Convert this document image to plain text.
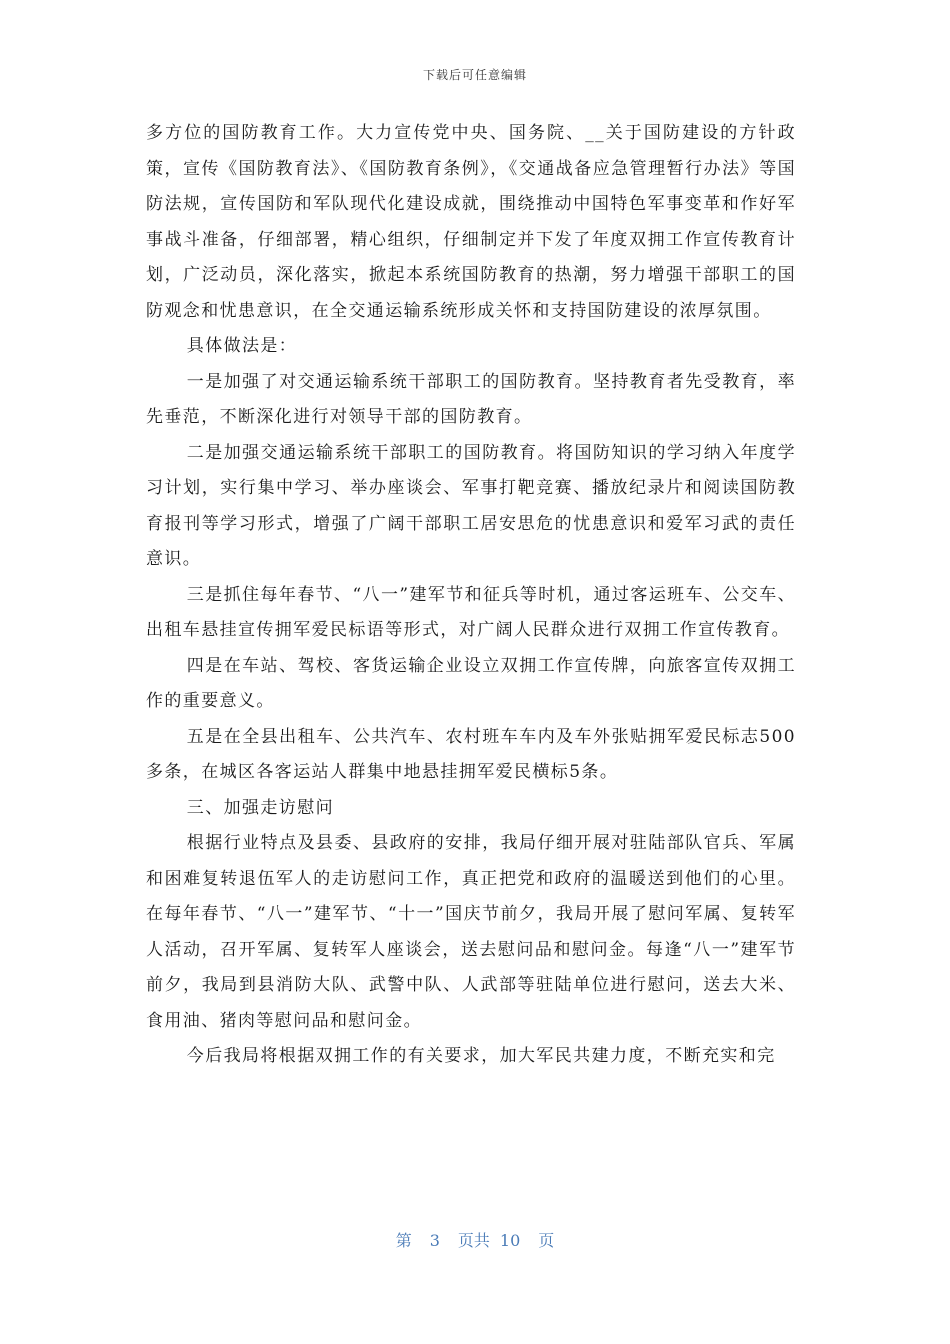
下载后可任意编辑

多方位的国防教育工作。大力宣传党中央、国务院、__关于国防建设的方针政策，宣传《国防教育法》、《国防教育条例》，《交通战备应急管理暂行办法》等国防法规，宣传国防和军队现代化建设成就，围绕推动中国特色军事变革和作好军事战斗准备，仔细部署，精心组织，仔细制定并下发了年度双拥工作宣传教育计划，广泛动员，深化落实，掀起本系统国防教育的热潮，努力增强干部职工的国防观念和忧患意识，在全交通运输系统形成关怀和支持国防建设的浓厚氛围。

具体做法是：

一是加强了对交通运输系统干部职工的国防教育。坚持教育者先受教育，率先垂范，不断深化进行对领导干部的国防教育。

二是加强交通运输系统干部职工的国防教育。将国防知识的学习纳入年度学习计划，实行集中学习、举办座谈会、军事打靶竞赛、播放纪录片和阅读国防教育报刊等学习形式，增强了广阔干部职工居安思危的忧患意识和爱军习武的责任意识。

三是抓住每年春节、“八一”建军节和征兵等时机，通过客运班车、公交车、出租车悬挂宣传拥军爱民标语等形式，对广阔人民群众进行双拥工作宣传教育。

四是在车站、驾校、客货运输企业设立双拥工作宣传牌，向旅客宣传双拥工作的重要意义。

五是在全县出租车、公共汽车、农村班车车内及车外张贴拥军爱民标志500多条，在城区各客运站人群集中地悬挂拥军爱民横标5条。

三、加强走访慰问

根据行业特点及县委、县政府的安排，我局仔细开展对驻陆部队官兵、军属和困难复转退伍军人的走访慰问工作，真正把党和政府的温暖送到他们的心里。在每年春节、“八一”建军节、“十一”国庆节前夕，我局开展了慰问军属、复转军人活动，召开军属、复转军人座谈会，送去慰问品和慰问金。每逢“八一”建军节前夕，我局到县消防大队、武警中队、人武部等驻陆单位进行慰问，送去大米、食用油、猪肉等慰问品和慰问金。

今后我局将根据双拥工作的有关要求，加大军民共建力度，不断充实和完

第 3 页共 10 页
